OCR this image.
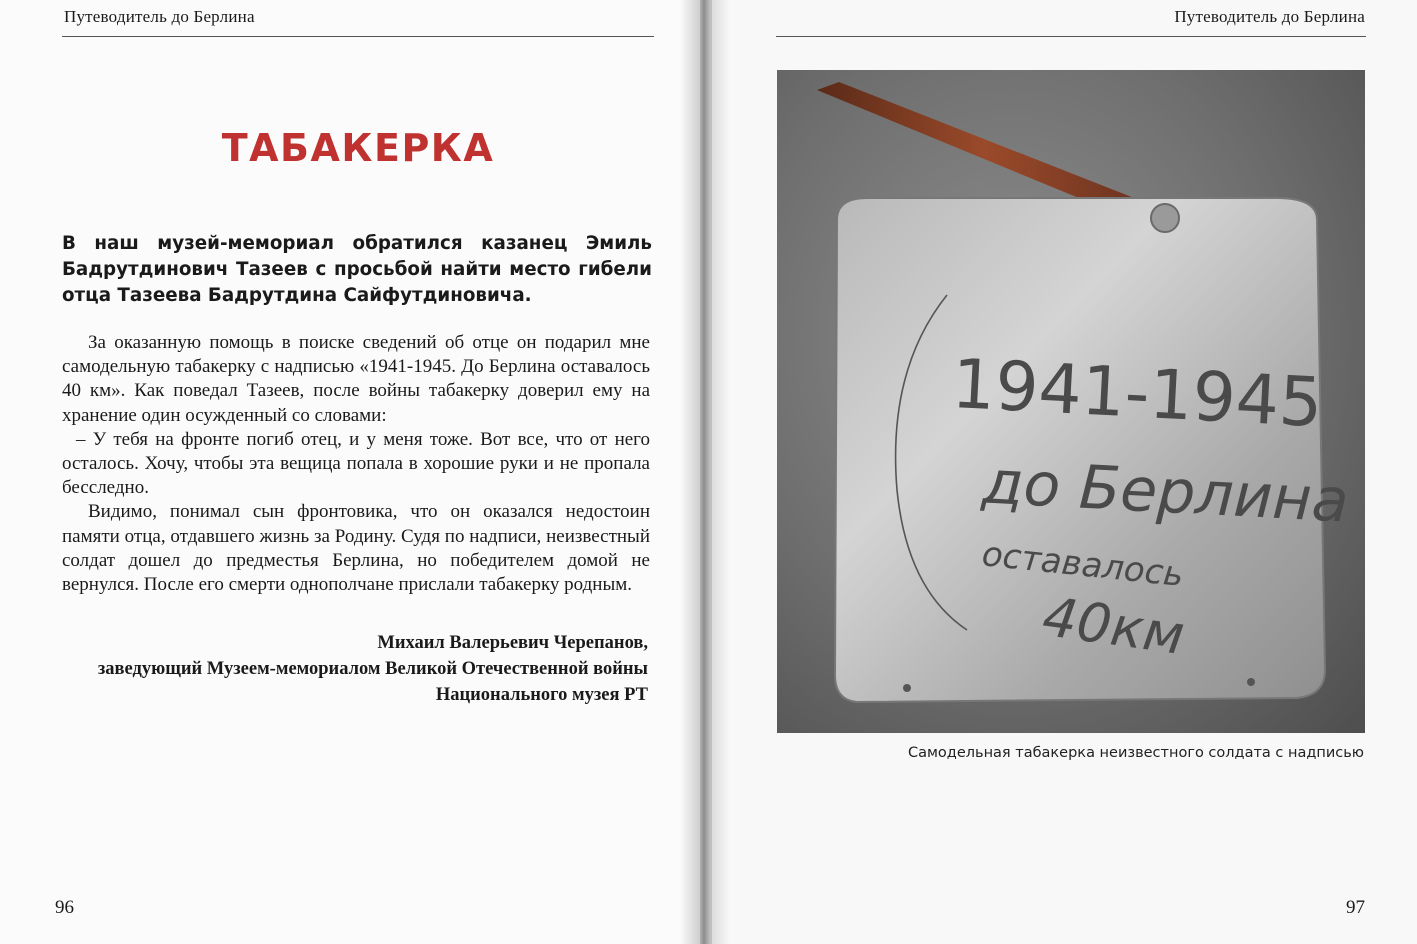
Путеводитель до Берлина
ТАБАКЕРКА
В наш музей-мемориал обратился казанец Эмиль Бадрутдинович Тазеев с просьбой найти место гибели отца Тазеева Бадрутдина Сайфутдиновича.

За оказанную помощь в поиске сведений об отце он подарил мне самодельную табакерку с надписью «1941-1945. До Берлина оставалось 40 км». Как поведал Тазеев, после войны табакерку доверил ему на хранение один осужденный со словами:

– У тебя на фронте погиб отец, и у меня тоже. Вот все, что от него осталось. Хочу, чтобы эта вещица попала в хорошие руки и не пропала бесследно.

Видимо, понимал сын фронтовика, что он оказался недостоин памяти отца, отдавшего жизнь за Родину. Судя по надписи, неизвестный солдат дошел до предместья Берлина, но победителем домой не вернулся. После его смерти однополчане прислали табакерку родным.

Михаил Валерьевич Черепанов,
заведующий Музеем-мемориалом Великой Отечественной войны
Национального музея РТ
96
Путеводитель до Берлина
1941-1945
до Берлина
оставалось
40км
Самодельная табакерка неизвестного солдата с надписью
97
